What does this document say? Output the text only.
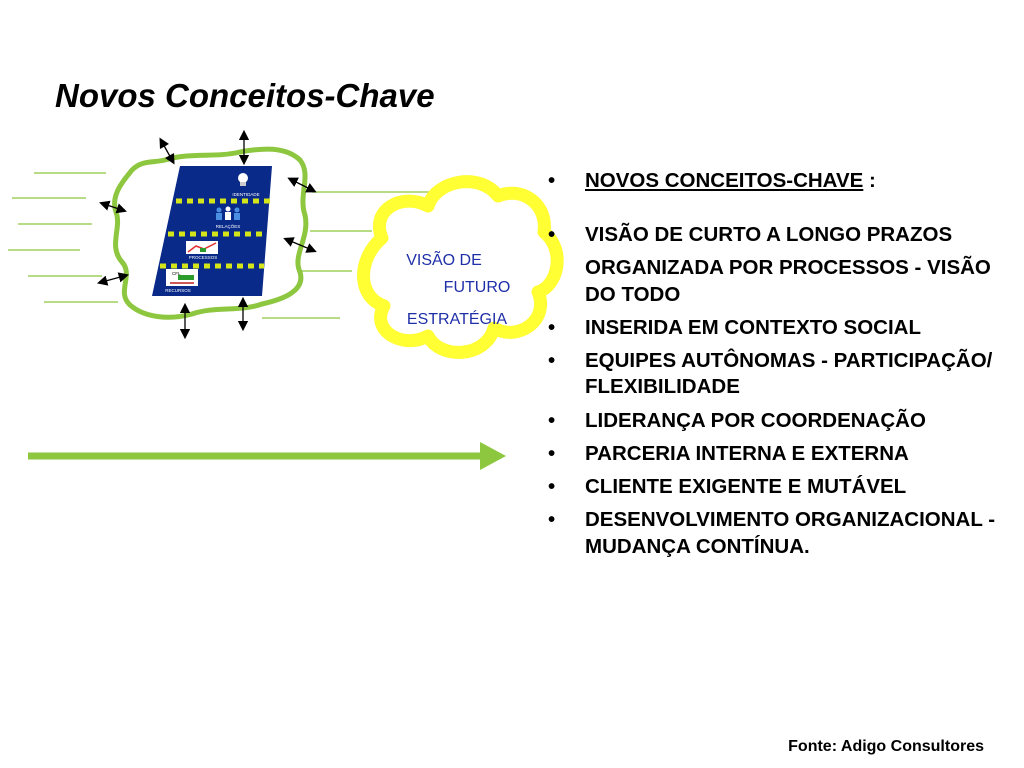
Novos Conceitos-Chave
IDENTIDADE
RELAÇÕES
PROCESSOS
CFL
RECURSOS
VISÃO DE
FUTURO
ESTRATÉGIA
• NOVOS CONCEITOS-CHAVE :
• VISÃO DE CURTO A LONGO PRAZOS
ORGANIZADA POR PROCESSOS - VISÃO DO TODO
• INSERIDA EM CONTEXTO SOCIAL
• EQUIPES AUTÔNOMAS - PARTICIPAÇÃO/ FLEXIBILIDADE
• LIDERANÇA POR COORDENAÇÃO
• PARCERIA INTERNA E EXTERNA
• CLIENTE EXIGENTE E MUTÁVEL
• DESENVOLVIMENTO ORGANIZACIONAL - MUDANÇA CONTÍNUA.

Fonte: Adigo Consultores
